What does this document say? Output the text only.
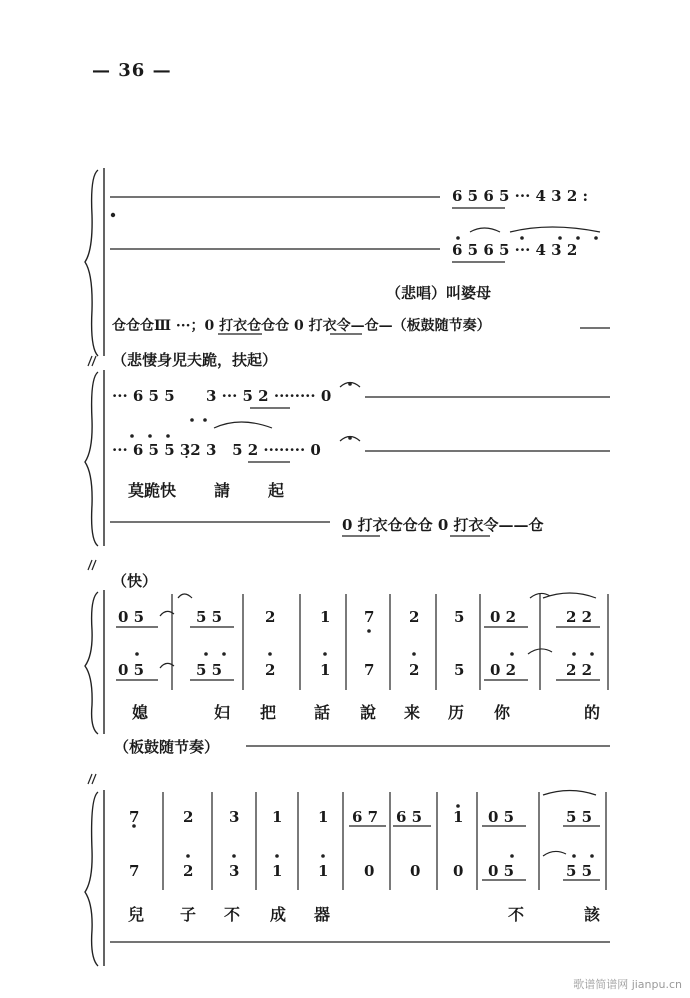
— 36 —
6 5 6 5 ··· 4 3 2 :
6 5 6 5 ··· 4 3 2
（悲唱）叫婆母
仓仓仓Ⅲ ···；0 打衣仓仓仓 0 打衣令—仓—（板鼓随节奏）
（悲悽身児夫跪，扶起）
··· 6 5 5      3 ··· 5 2 ········ 0
··· 6 5 5 3̣2 3   5 2 ········ 0
莫跪快 請 起
0 打衣仓仓仓 0 打衣令——仓
（快）
0 5	5 5	2	1 7 2 5 0 2	2 2
0 5	5 5	2	1 7 2 5 0 2	2 2
媳	妇 把 話 說 来 历 你	的
（板鼓随节奏）
7	2 3 1 1 6 7 6 5 1 0 5	5 5
7	2 3 1 1 0 0 0 0 5	5 5
兒 子 不 成 器	不	該
歌谱简谱网 jianpu.cn
